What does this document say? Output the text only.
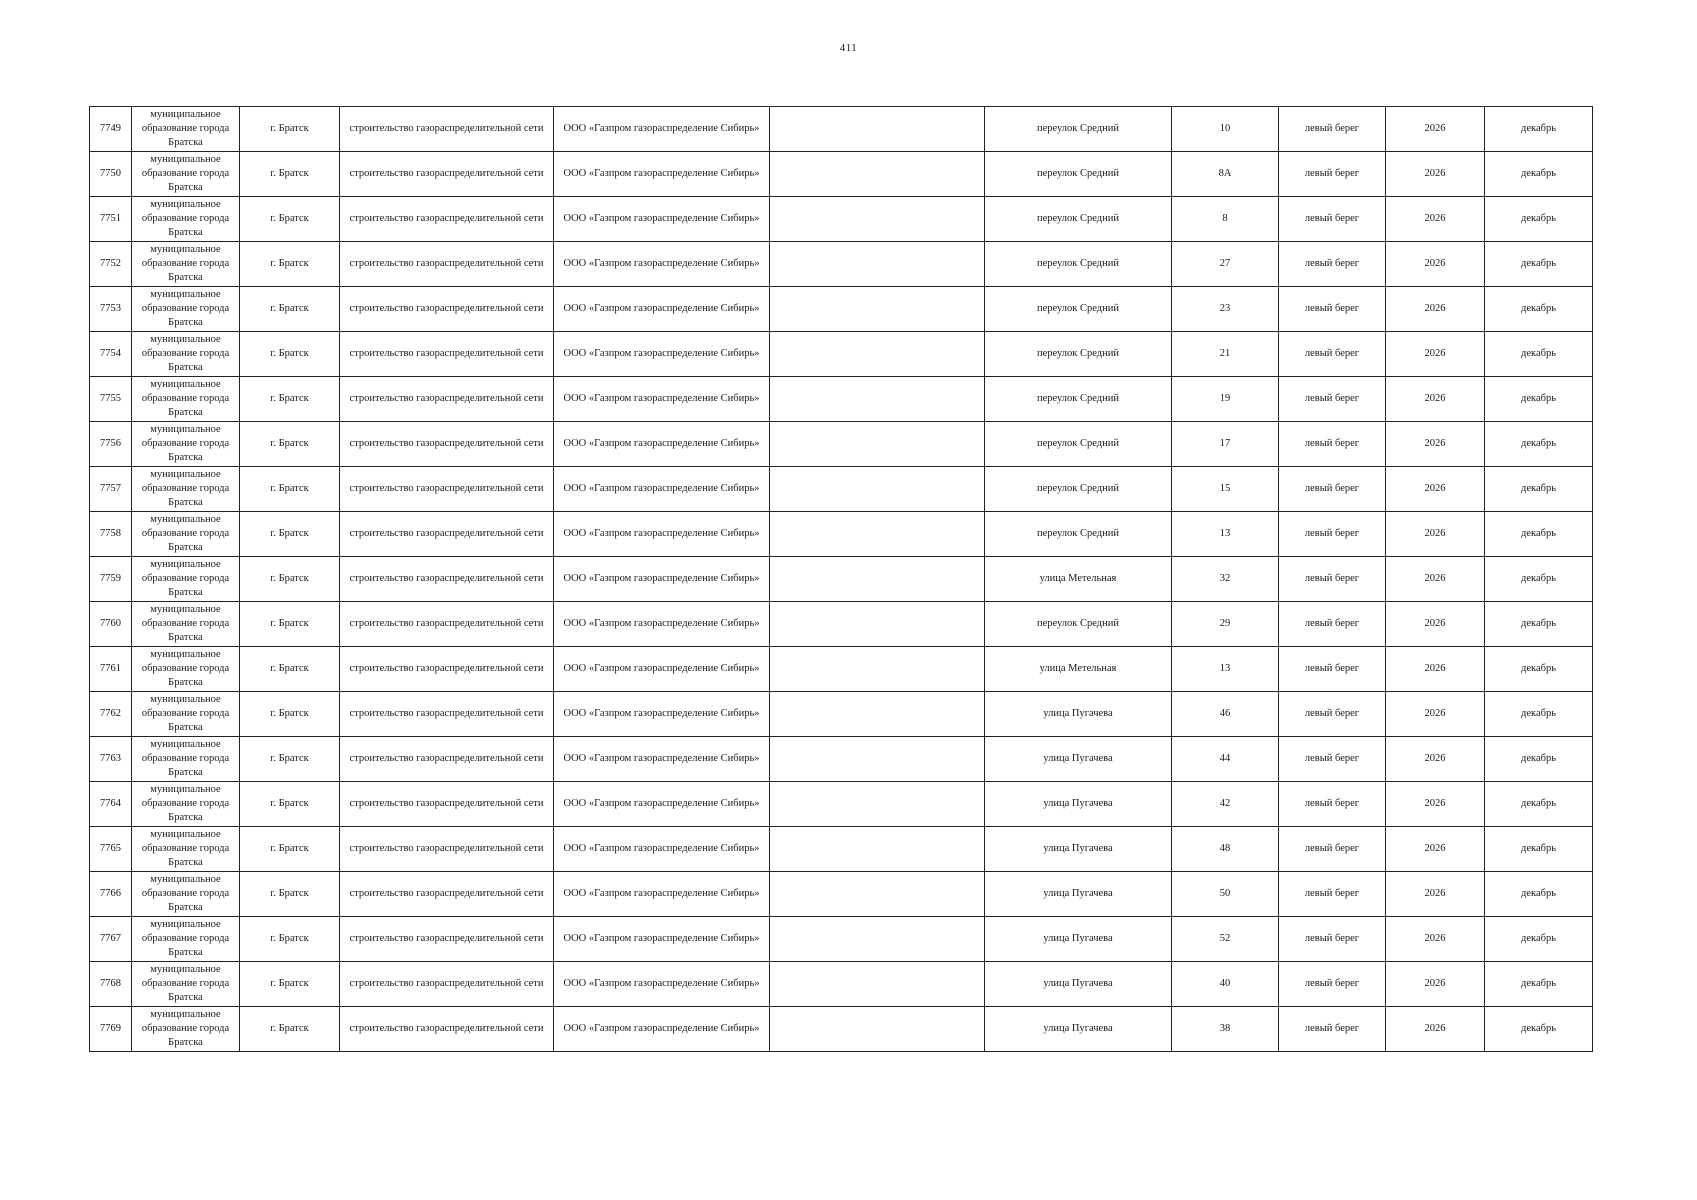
411
7749	муниципальное образование города Братска	г. Братск	строительство газораспределительной сети	ООО «Газпром газораспределение Сибирь»		переулок Средний	10	левый берег	2026	декабрь
7750	муниципальное образование города Братска	г. Братск	строительство газораспределительной сети	ООО «Газпром газораспределение Сибирь»		переулок Средний	8А	левый берег	2026	декабрь
7751	муниципальное образование города Братска	г. Братск	строительство газораспределительной сети	ООО «Газпром газораспределение Сибирь»		переулок Средний	8	левый берег	2026	декабрь
7752	муниципальное образование города Братска	г. Братск	строительство газораспределительной сети	ООО «Газпром газораспределение Сибирь»		переулок Средний	27	левый берег	2026	декабрь
7753	муниципальное образование города Братска	г. Братск	строительство газораспределительной сети	ООО «Газпром газораспределение Сибирь»		переулок Средний	23	левый берег	2026	декабрь
7754	муниципальное образование города Братска	г. Братск	строительство газораспределительной сети	ООО «Газпром газораспределение Сибирь»		переулок Средний	21	левый берег	2026	декабрь
7755	муниципальное образование города Братска	г. Братск	строительство газораспределительной сети	ООО «Газпром газораспределение Сибирь»		переулок Средний	19	левый берег	2026	декабрь
7756	муниципальное образование города Братска	г. Братск	строительство газораспределительной сети	ООО «Газпром газораспределение Сибирь»		переулок Средний	17	левый берег	2026	декабрь
7757	муниципальное образование города Братска	г. Братск	строительство газораспределительной сети	ООО «Газпром газораспределение Сибирь»		переулок Средний	15	левый берег	2026	декабрь
7758	муниципальное образование города Братска	г. Братск	строительство газораспределительной сети	ООО «Газпром газораспределение Сибирь»		переулок Средний	13	левый берег	2026	декабрь
7759	муниципальное образование города Братска	г. Братск	строительство газораспределительной сети	ООО «Газпром газораспределение Сибирь»		улица Метельная	32	левый берег	2026	декабрь
7760	муниципальное образование города Братска	г. Братск	строительство газораспределительной сети	ООО «Газпром газораспределение Сибирь»		переулок Средний	29	левый берег	2026	декабрь
7761	муниципальное образование города Братска	г. Братск	строительство газораспределительной сети	ООО «Газпром газораспределение Сибирь»		улица Метельная	13	левый берег	2026	декабрь
7762	муниципальное образование города Братска	г. Братск	строительство газораспределительной сети	ООО «Газпром газораспределение Сибирь»		улица Пугачева	46	левый берег	2026	декабрь
7763	муниципальное образование города Братска	г. Братск	строительство газораспределительной сети	ООО «Газпром газораспределение Сибирь»		улица Пугачева	44	левый берег	2026	декабрь
7764	муниципальное образование города Братска	г. Братск	строительство газораспределительной сети	ООО «Газпром газораспределение Сибирь»		улица Пугачева	42	левый берег	2026	декабрь
7765	муниципальное образование города Братска	г. Братск	строительство газораспределительной сети	ООО «Газпром газораспределение Сибирь»		улица Пугачева	48	левый берег	2026	декабрь
7766	муниципальное образование города Братска	г. Братск	строительство газораспределительной сети	ООО «Газпром газораспределение Сибирь»		улица Пугачева	50	левый берег	2026	декабрь
7767	муниципальное образование города Братска	г. Братск	строительство газораспределительной сети	ООО «Газпром газораспределение Сибирь»		улица Пугачева	52	левый берег	2026	декабрь
7768	муниципальное образование города Братска	г. Братск	строительство газораспределительной сети	ООО «Газпром газораспределение Сибирь»		улица Пугачева	40	левый берег	2026	декабрь
7769	муниципальное образование города Братска	г. Братск	строительство газораспределительной сети	ООО «Газпром газораспределение Сибирь»		улица Пугачева	38	левый берег	2026	декабрь
